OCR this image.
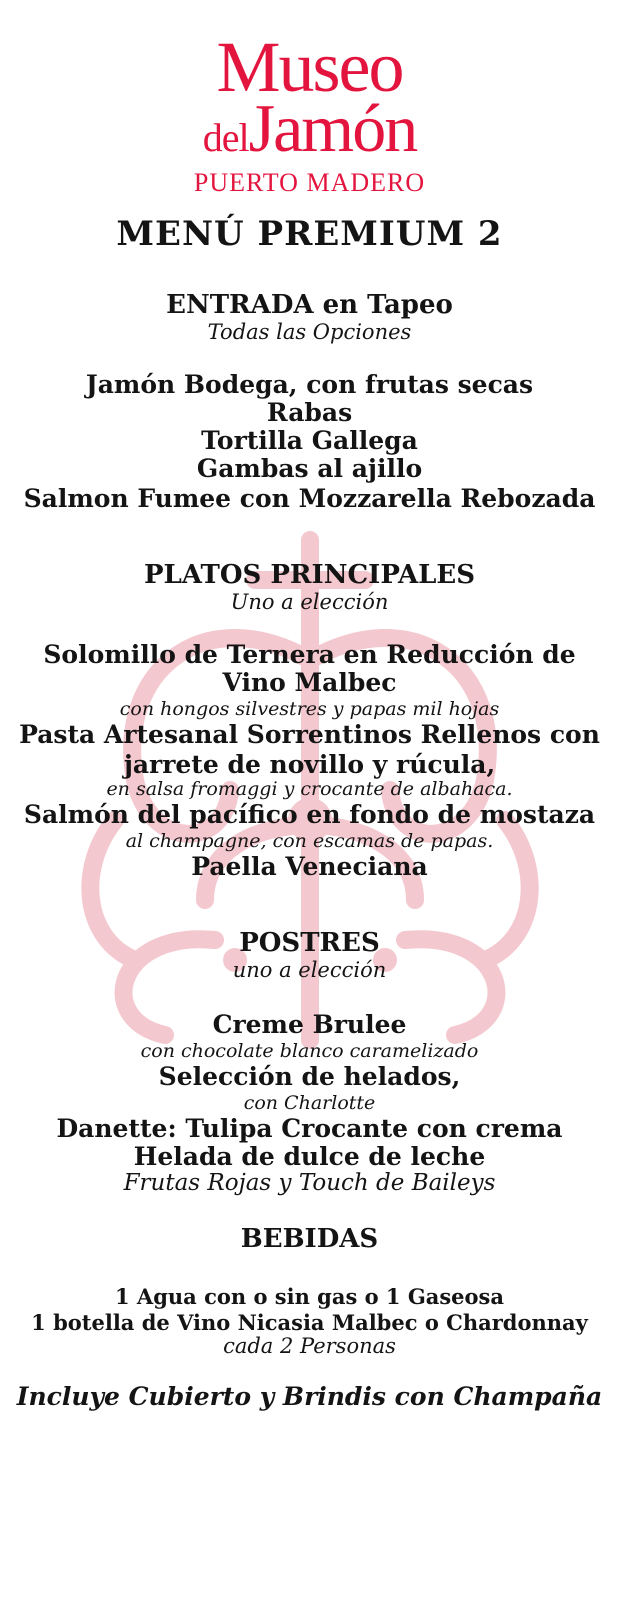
Museo
delJamón
PUERTO MADERO
MENÚ PREMIUM 2
ENTRADA en Tapeo
Todas las Opciones
Jamón Bodega, con frutas secas
Rabas
Tortilla Gallega
Gambas al ajillo
Salmon Fumee con Mozzarella Rebozada
PLATOS PRINCIPALES
Uno a elección
Solomillo de Ternera en Reducción de
Vino Malbec
con hongos silvestres y papas mil hojas
Pasta Artesanal Sorrentinos Rellenos con
jarrete de novillo y rúcula,
en salsa fromaggi y crocante de albahaca.
Salmón del pacífico en fondo de mostaza
al champagne, con escamas de papas.
Paella Veneciana
POSTRES
uno a elección
Creme Brulee
con chocolate blanco caramelizado
Selección de helados,
con Charlotte
Danette: Tulipa Crocante con crema
Helada de dulce de leche
Frutas Rojas y Touch de Baileys
BEBIDAS
1 Agua con o sin gas o 1 Gaseosa
1 botella de Vino Nicasia Malbec o Chardonnay
cada 2 Personas
Incluye Cubierto y Brindis con Champaña
